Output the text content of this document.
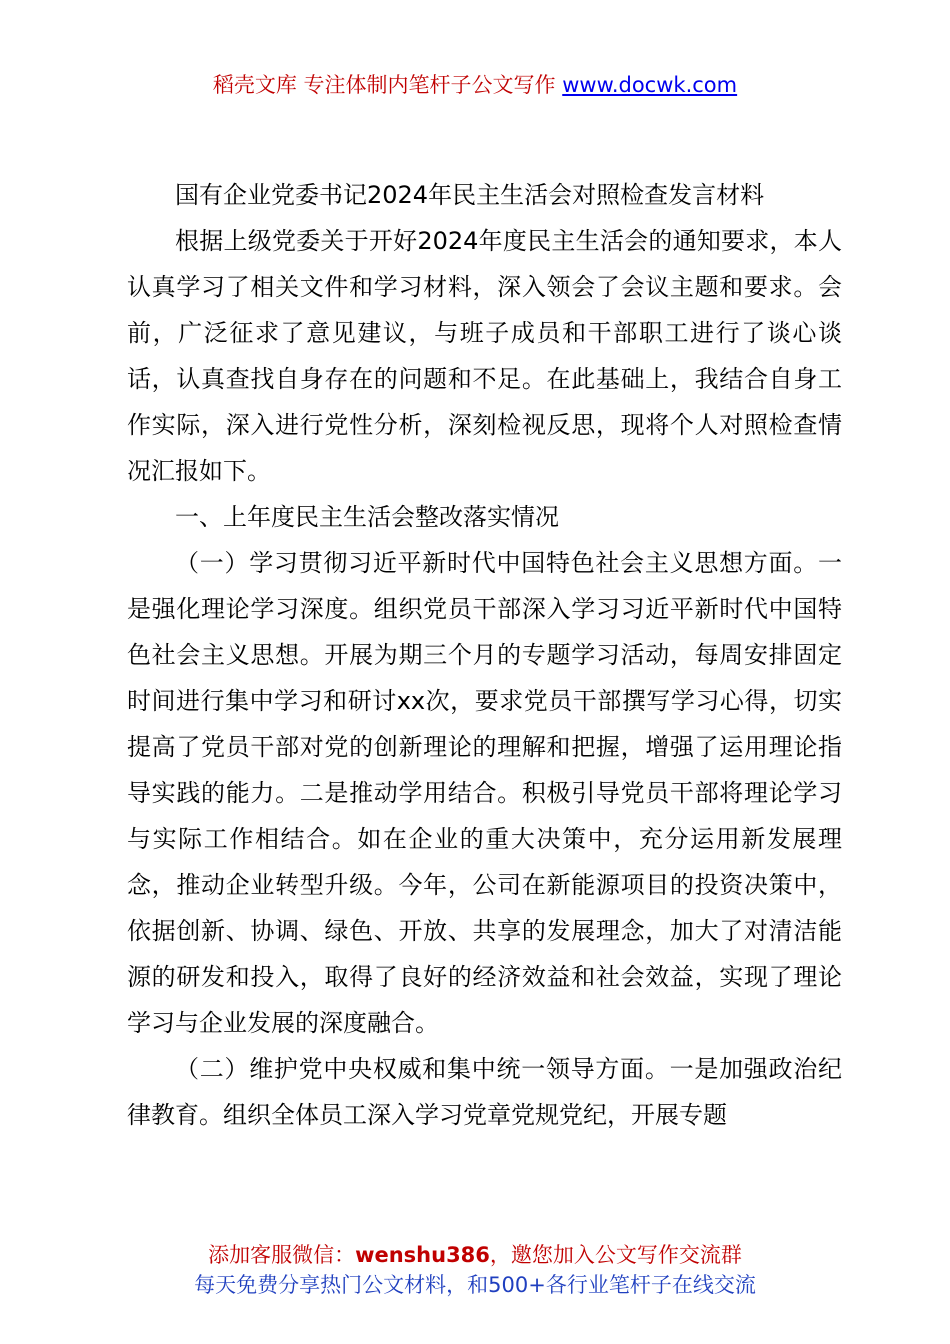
稻壳文库 专注体制内笔杆子公文写作 www.docwk.com

国有企业党委书记2024年民主生活会对照检查发言材料

根据上级党委关于开好2024年度民主生活会的通知要求，本人认真学习了相关文件和学习材料，深入领会了会议主题和要求。会前，广泛征求了意见建议，与班子成员和干部职工进行了谈心谈话，认真查找自身存在的问题和不足。在此基础上，我结合自身工作实际，深入进行党性分析，深刻检视反思，现将个人对照检查情况汇报如下。

一、上年度民主生活会整改落实情况

（一）学习贯彻习近平新时代中国特色社会主义思想方面。一是强化理论学习深度。组织党员干部深入学习习近平新时代中国特色社会主义思想。开展为期三个月的专题学习活动，每周安排固定时间进行集中学习和研讨xx次，要求党员干部撰写学习心得，切实提高了党员干部对党的创新理论的理解和把握，增强了运用理论指导实践的能力。二是推动学用结合。积极引导党员干部将理论学习与实际工作相结合。如在企业的重大决策中，充分运用新发展理念，推动企业转型升级。今年，公司在新能源项目的投资决策中，依据创新、协调、绿色、开放、共享的发展理念，加大了对清洁能源的研发和投入，取得了良好的经济效益和社会效益，实现了理论学习与企业发展的深度融合。

（二）维护党中央权威和集中统一领导方面。一是加强政治纪律教育。组织全体员工深入学习党章党规党纪，开展专题

添加客服微信：wenshu386，邀您加入公文写作交流群
每天免费分享热门公文材料，和500+各行业笔杆子在线交流
